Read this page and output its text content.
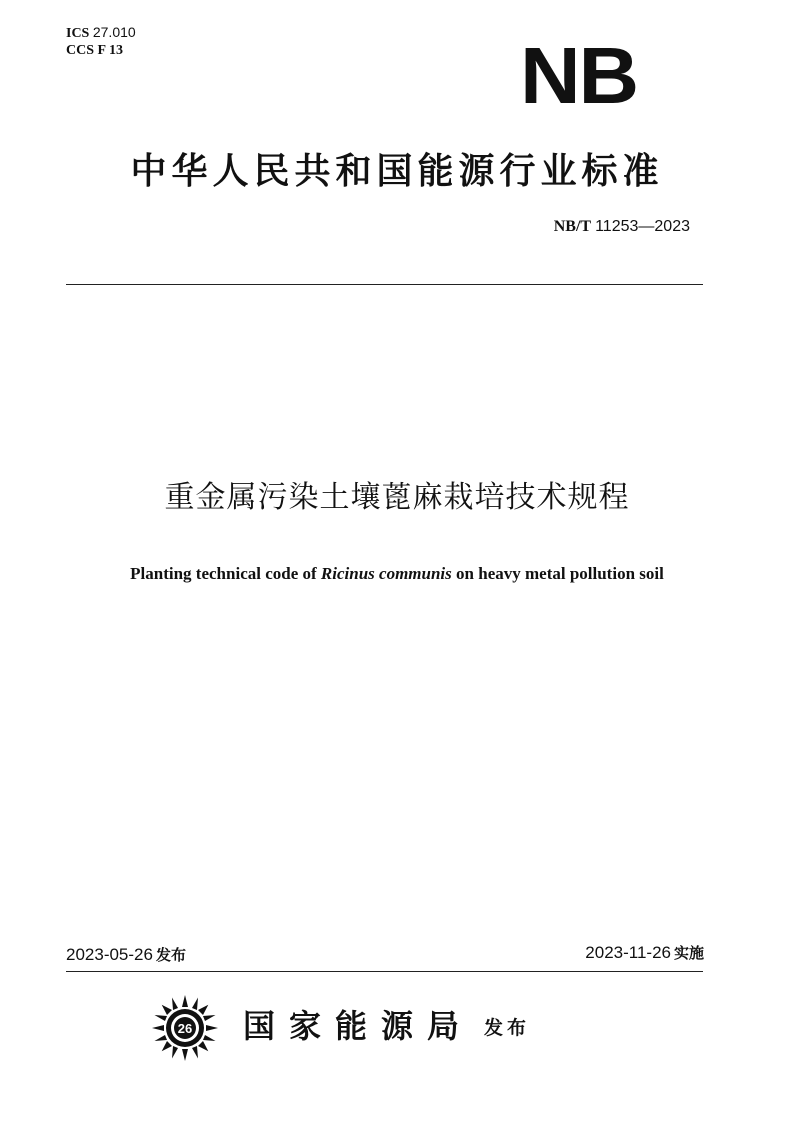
ICS 27.010
CCS F 13	NB
中华人民共和国能源行业标准
NB/T 11253—2023
重金属污染土壤蓖麻栽培技术规程
Planting technical code of Ricinus communis on heavy metal pollution soil
2023-05-26 发布	2023-11-26 实施
26 国家能源局 发布
